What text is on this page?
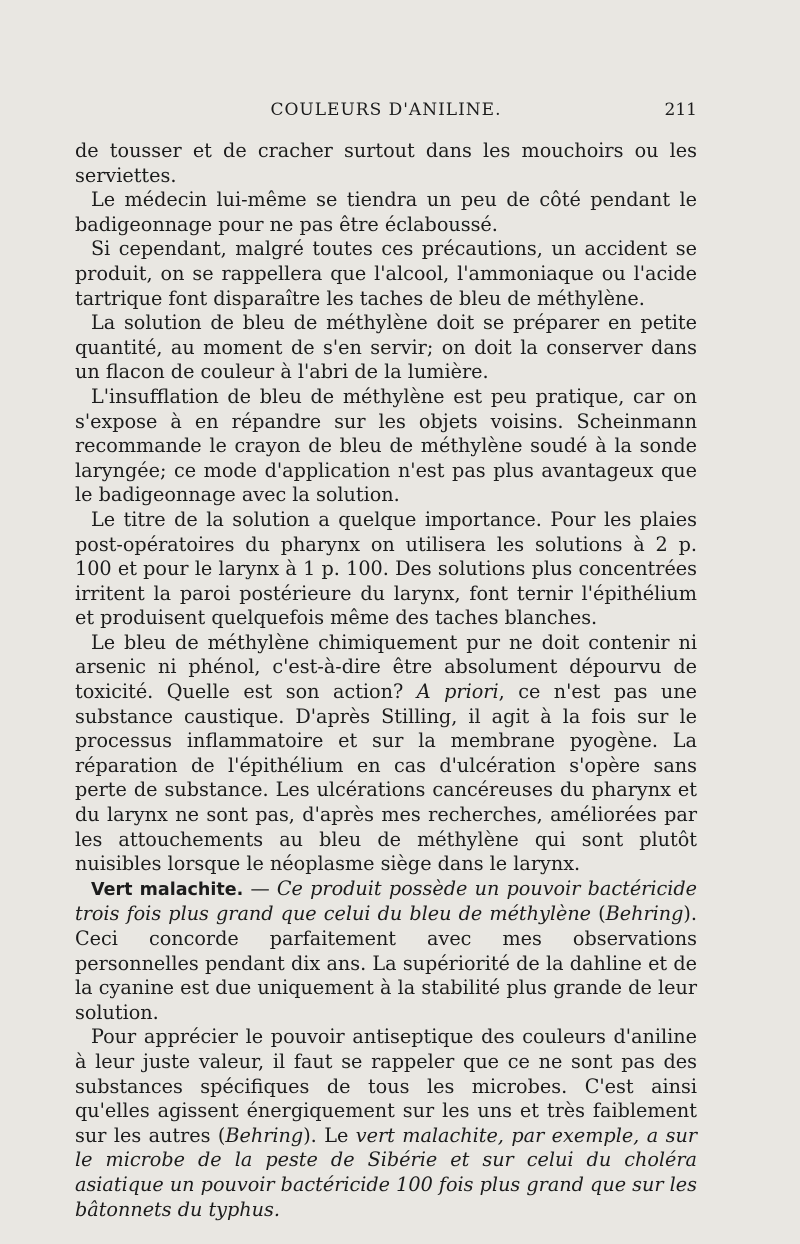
COULEURS D'ANILINE.	211

de tousser et de cracher surtout dans les mouchoirs ou les serviettes.

Le médecin lui-même se tiendra un peu de côté pendant le badigeonnage pour ne pas être éclaboussé.

Si cependant, malgré toutes ces précautions, un accident se produit, on se rappellera que l'alcool, l'ammoniaque ou l'acide tartrique font disparaître les taches de bleu de méthylène.

La solution de bleu de méthylène doit se préparer en petite quantité, au moment de s'en servir; on doit la conserver dans un flacon de couleur à l'abri de la lumière.

L'insufflation de bleu de méthylène est peu pratique, car on s'expose à en répandre sur les objets voisins. Scheinmann recommande le crayon de bleu de méthylène soudé à la sonde laryngée; ce mode d'application n'est pas plus avantageux que le badigeonnage avec la solution.

Le titre de la solution a quelque importance. Pour les plaies post-opératoires du pharynx on utilisera les solutions à 2 p. 100 et pour le larynx à 1 p. 100. Des solutions plus concentrées irritent la paroi postérieure du larynx, font ternir l'épithélium et produisent quelquefois même des taches blanches.

Le bleu de méthylène chimiquement pur ne doit contenir ni arsenic ni phénol, c'est-à-dire être absolument dépourvu de toxicité. Quelle est son action? A priori, ce n'est pas une substance caustique. D'après Stilling, il agit à la fois sur le processus inflammatoire et sur la membrane pyogène. La réparation de l'épithélium en cas d'ulcération s'opère sans perte de substance. Les ulcérations cancéreuses du pharynx et du larynx ne sont pas, d'après mes recherches, améliorées par les attouchements au bleu de méthylène qui sont plutôt nuisibles lorsque le néoplasme siège dans le larynx.

Vert malachite. — Ce produit possède un pouvoir bactéricide trois fois plus grand que celui du bleu de méthylène (Behring). Ceci concorde parfaitement avec mes observations personnelles pendant dix ans. La supériorité de la dahline et de la cyanine est due uniquement à la stabilité plus grande de leur solution.

Pour apprécier le pouvoir antiseptique des couleurs d'aniline à leur juste valeur, il faut se rappeler que ce ne sont pas des substances spécifiques de tous les microbes. C'est ainsi qu'elles agissent énergiquement sur les uns et très faiblement sur les autres (Behring). Le vert malachite, par exemple, a sur le microbe de la peste de Sibérie et sur celui du choléra asiatique un pouvoir bactéricide 100 fois plus grand que sur les bâtonnets du typhus.
